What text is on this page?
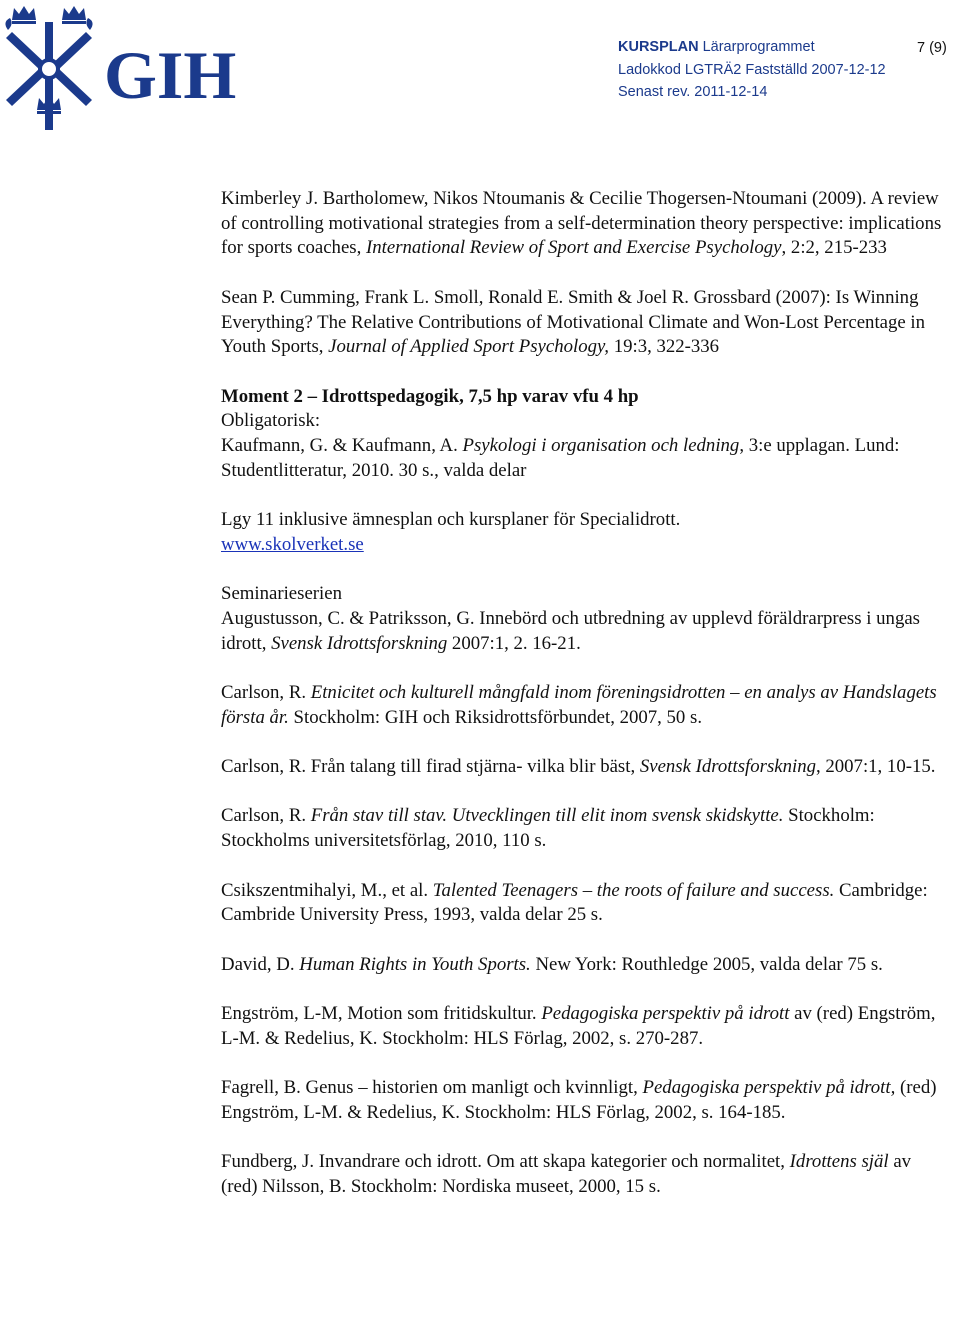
GIH	KURSPLAN Lärarprogrammet
Ladokkod LGTRÄ2 Fastställd 2007-12-12
Senast rev. 2011-12-14
7 (9)

Kimberley J. Bartholomew, Nikos Ntoumanis & Cecilie Thogersen-Ntoumani (2009). A review of controlling motivational strategies from a self-determination theory perspective: implications for sports coaches, International Review of Sport and Exercise Psychology, 2:2, 215-233

Sean P. Cumming, Frank L. Smoll, Ronald E. Smith & Joel R. Grossbard (2007): Is Winning Everything? The Relative Contributions of Motivational Climate and Won-Lost Percentage in Youth Sports, Journal of Applied Sport Psychology, 19:3, 322-336

Moment 2 – Idrottspedagogik, 7,5 hp varav vfu 4 hp

Obligatorisk:

Kaufmann, G. & Kaufmann, A. Psykologi i organisation och ledning, 3:e upplagan. Lund: Studentlitteratur, 2010. 30 s., valda delar

Lgy 11 inklusive ämnesplan och kursplaner för Specialidrott.
www.skolverket.se

Seminarieserien

Augustusson, C. & Patriksson, G. Innebörd och utbredning av upplevd föräldrarpress i ungas idrott, Svensk Idrottsforskning 2007:1, 2. 16-21.

Carlson, R. Etnicitet och kulturell mångfald inom föreningsidrotten – en analys av Handslagets första år. Stockholm: GIH och Riksidrottsförbundet, 2007, 50 s.

Carlson, R. Från talang till firad stjärna- vilka blir bäst, Svensk Idrottsforskning, 2007:1, 10-15.

Carlson, R. Från stav till stav. Utvecklingen till elit inom svensk skidskytte. Stockholm: Stockholms universitetsförlag, 2010, 110 s.

Csikszentmihalyi, M., et al. Talented Teenagers – the roots of failure and success. Cambridge: Cambride University Press, 1993, valda delar 25 s.

David, D. Human Rights in Youth Sports. New York: Routhledge 2005, valda delar 75 s.

Engström, L-M, Motion som fritidskultur. Pedagogiska perspektiv på idrott av (red) Engström, L-M. & Redelius, K. Stockholm: HLS Förlag, 2002, s. 270-287.

Fagrell, B. Genus – historien om manligt och kvinnligt, Pedagogiska perspektiv på idrott, (red) Engström, L-M. & Redelius, K. Stockholm: HLS Förlag, 2002, s. 164-185.

Fundberg, J. Invandrare och idrott. Om att skapa kategorier och normalitet, Idrottens själ av (red) Nilsson, B. Stockholm: Nordiska museet, 2000, 15 s.
